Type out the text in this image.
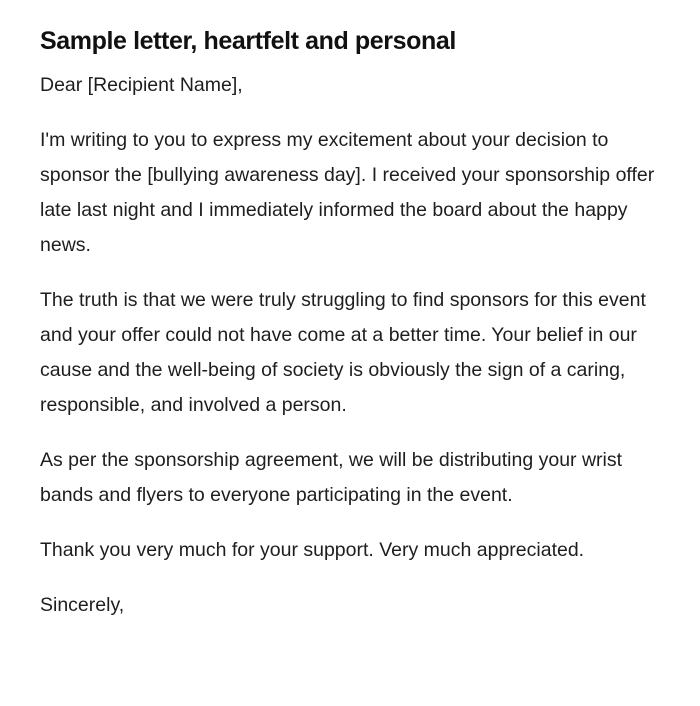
Sample letter, heartfelt and personal

Dear [Recipient Name],

I'm writing to you to express my excitement about your decision to sponsor the [bullying awareness day]. I received your sponsorship offer late last night and I immediately informed the board about the happy news.

The truth is that we were truly struggling to find sponsors for this event and your offer could not have come at a better time. Your belief in our cause and the well-being of society is obviously the sign of a caring, responsible, and involved a person.

As per the sponsorship agreement, we will be distributing your wrist bands and flyers to everyone participating in the event.

Thank you very much for your support. Very much appreciated.

Sincerely,
